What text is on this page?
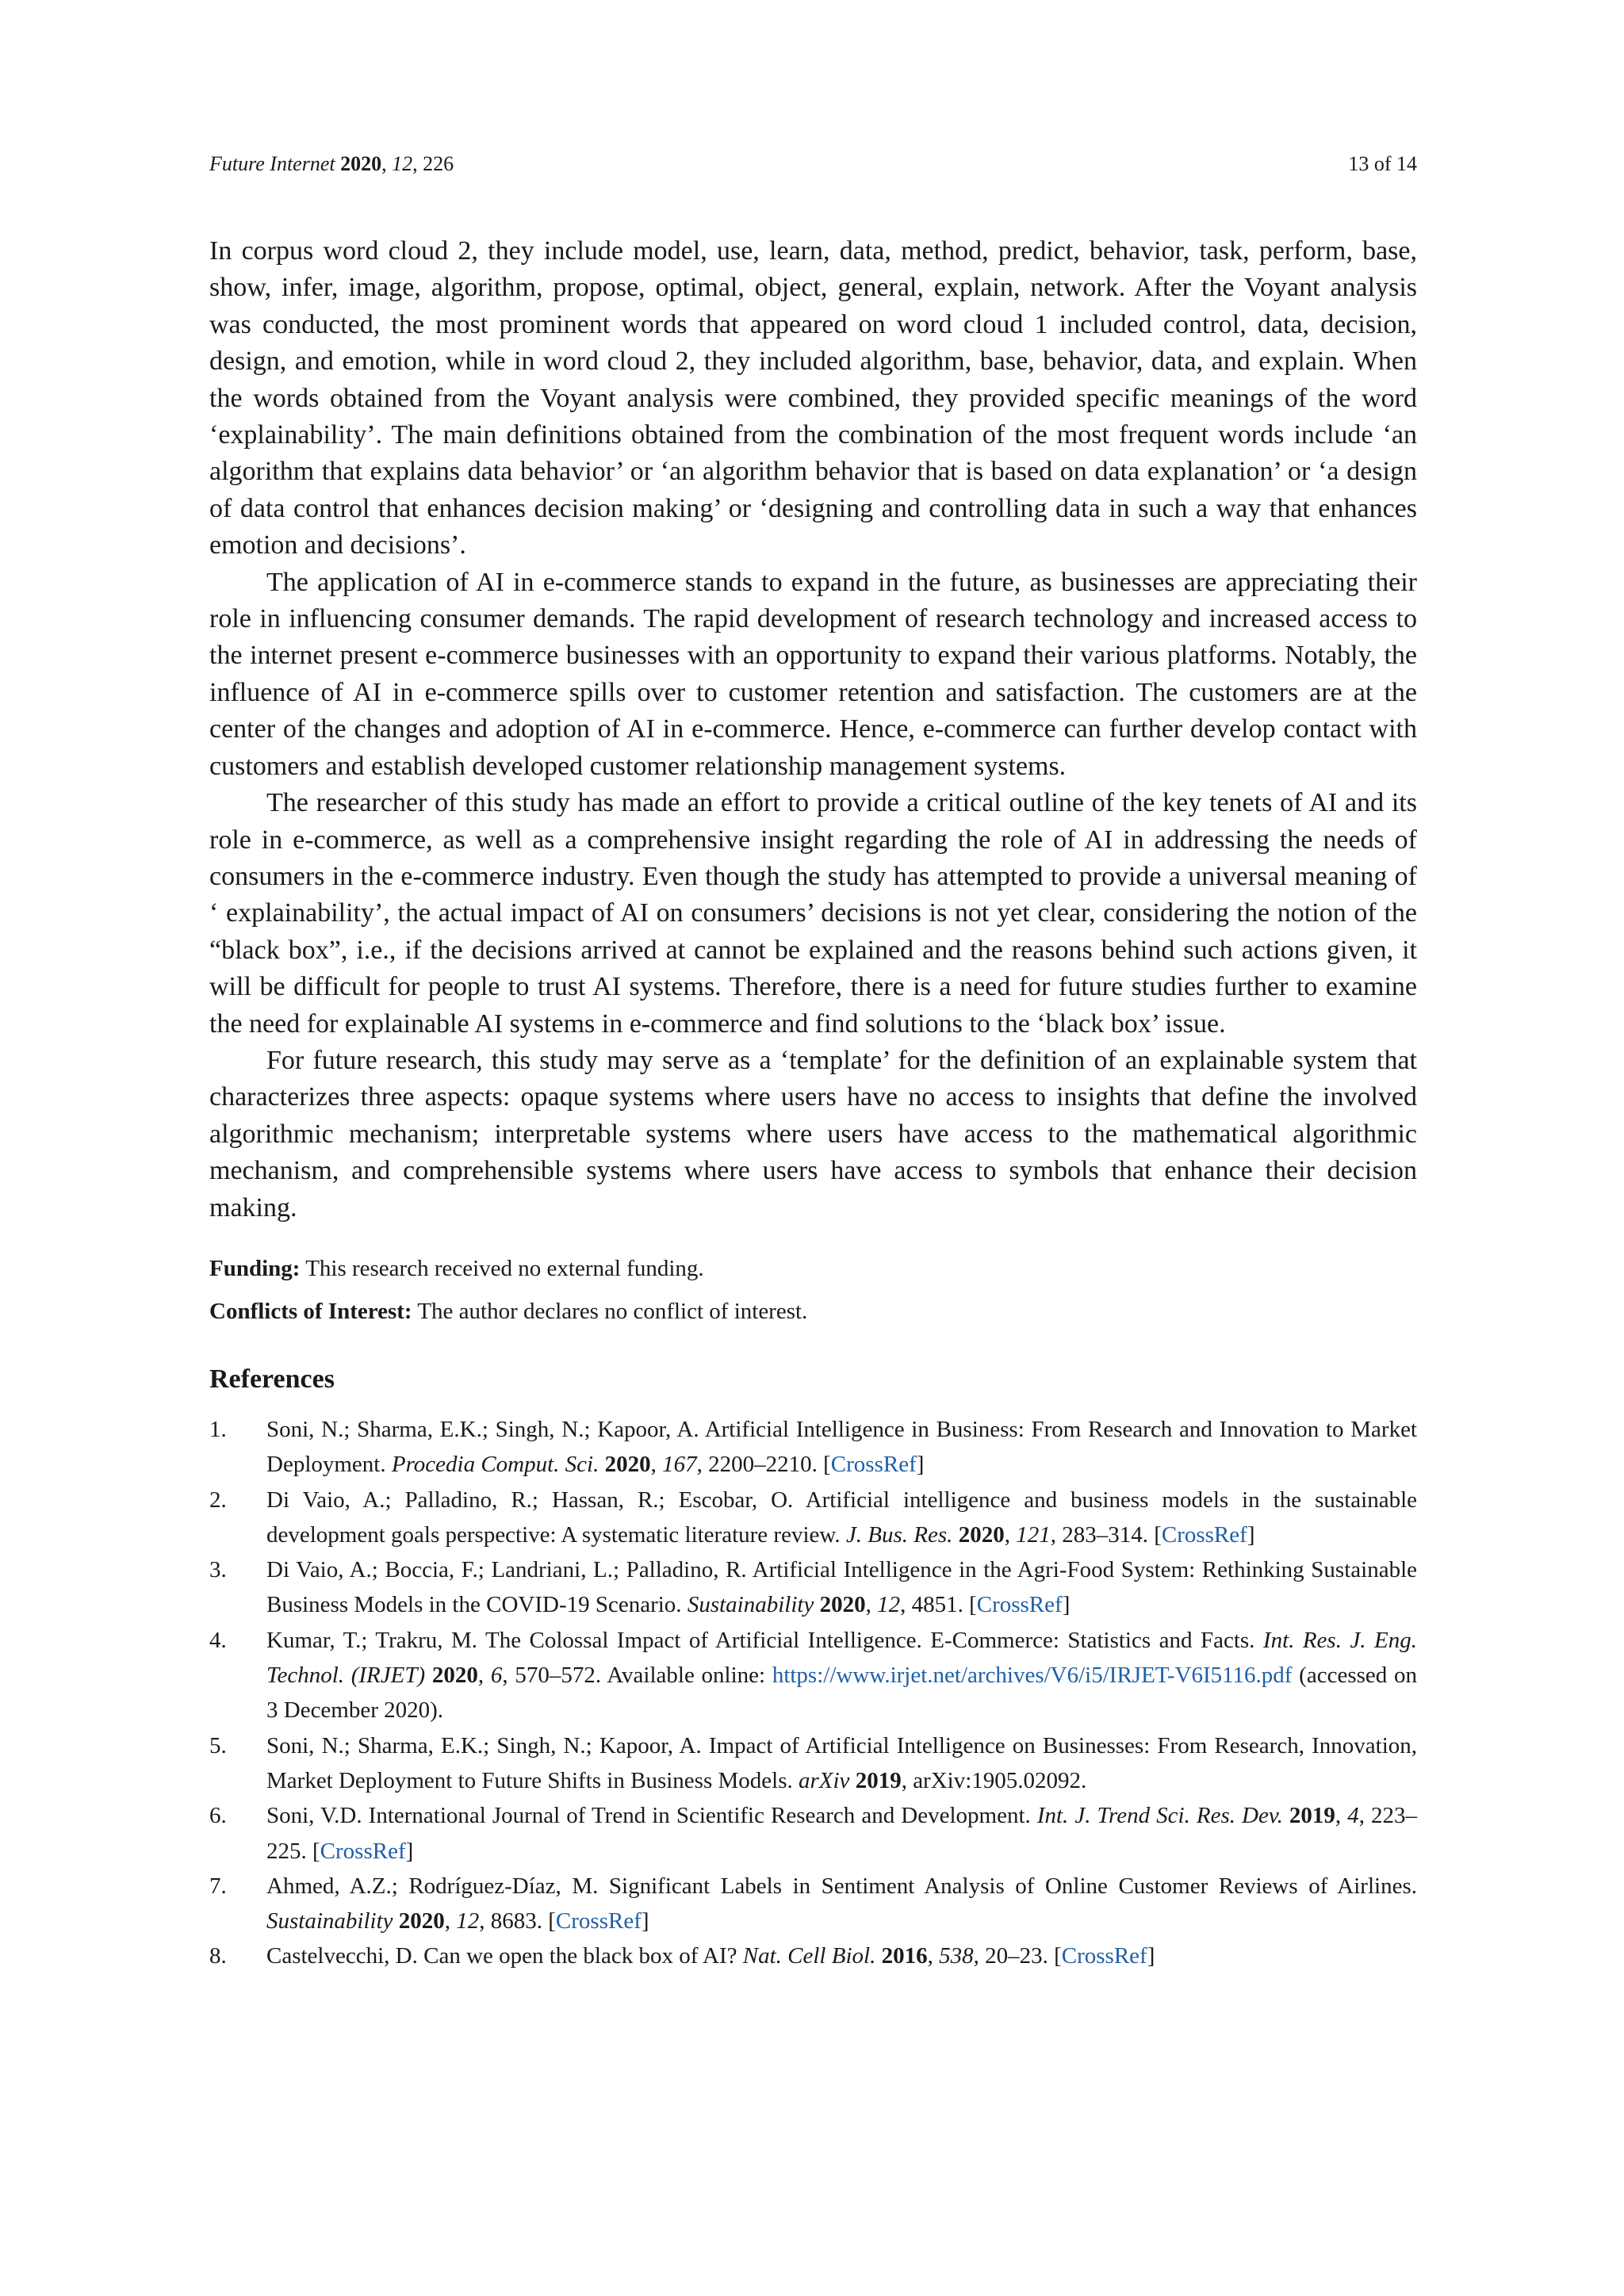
Future Internet 2020, 12, 226	13 of 14

In corpus word cloud 2, they include model, use, learn, data, method, predict, behavior, task, perform, base, show, infer, image, algorithm, propose, optimal, object, general, explain, network. After the Voyant analysis was conducted, the most prominent words that appeared on word cloud 1 included control, data, decision, design, and emotion, while in word cloud 2, they included algorithm, base, behavior, data, and explain. When the words obtained from the Voyant analysis were combined, they provided specific meanings of the word ‘explainability’. The main definitions obtained from the combination of the most frequent words include ‘an algorithm that explains data behavior’ or ‘an algorithm behavior that is based on data explanation’ or ‘a design of data control that enhances decision making’ or ‘designing and controlling data in such a way that enhances emotion and decisions’.

The application of AI in e-commerce stands to expand in the future, as businesses are appreciating their role in influencing consumer demands. The rapid development of research technology and increased access to the internet present e-commerce businesses with an opportunity to expand their various platforms. Notably, the influence of AI in e-commerce spills over to customer retention and satisfaction. The customers are at the center of the changes and adoption of AI in e-commerce. Hence, e-commerce can further develop contact with customers and establish developed customer relationship management systems.

The researcher of this study has made an effort to provide a critical outline of the key tenets of AI and its role in e-commerce, as well as a comprehensive insight regarding the role of AI in addressing the needs of consumers in the e-commerce industry. Even though the study has attempted to provide a universal meaning of ‘ explainability’, the actual impact of AI on consumers’ decisions is not yet clear, considering the notion of the “black box”, i.e., if the decisions arrived at cannot be explained and the reasons behind such actions given, it will be difficult for people to trust AI systems. Therefore, there is a need for future studies further to examine the need for explainable AI systems in e-commerce and find solutions to the ‘black box’ issue.

For future research, this study may serve as a ‘template’ for the definition of an explainable system that characterizes three aspects: opaque systems where users have no access to insights that define the involved algorithmic mechanism; interpretable systems where users have access to the mathematical algorithmic mechanism, and comprehensible systems where users have access to symbols that enhance their decision making.

Funding: This research received no external funding.
Conflicts of Interest: The author declares no conflict of interest.
References
1.	Soni, N.; Sharma, E.K.; Singh, N.; Kapoor, A. Artificial Intelligence in Business: From Research and Innovation to Market Deployment. Procedia Comput. Sci. 2020, 167, 2200–2210. [CrossRef]
2.	Di Vaio, A.; Palladino, R.; Hassan, R.; Escobar, O. Artificial intelligence and business models in the sustainable development goals perspective: A systematic literature review. J. Bus. Res. 2020, 121, 283–314. [CrossRef]
3.	Di Vaio, A.; Boccia, F.; Landriani, L.; Palladino, R. Artificial Intelligence in the Agri-Food System: Rethinking Sustainable Business Models in the COVID-19 Scenario. Sustainability 2020, 12, 4851. [CrossRef]
4.	Kumar, T.; Trakru, M. The Colossal Impact of Artificial Intelligence. E-Commerce: Statistics and Facts. Int. Res. J. Eng. Technol. (IRJET) 2020, 6, 570–572. Available online: https://www.irjet.net/archives/V6/i5/IRJET-V6I5116.pdf (accessed on 3 December 2020).
5.	Soni, N.; Sharma, E.K.; Singh, N.; Kapoor, A. Impact of Artificial Intelligence on Businesses: From Research, Innovation, Market Deployment to Future Shifts in Business Models. arXiv 2019, arXiv:1905.02092.
6.	Soni, V.D. International Journal of Trend in Scientific Research and Development. Int. J. Trend Sci. Res. Dev. 2019, 4, 223–225. [CrossRef]
7.	Ahmed, A.Z.; Rodríguez-Díaz, M. Significant Labels in Sentiment Analysis of Online Customer Reviews of Airlines. Sustainability 2020, 12, 8683. [CrossRef]
8.	Castelvecchi, D. Can we open the black box of AI? Nat. Cell Biol. 2016, 538, 20–23. [CrossRef]
